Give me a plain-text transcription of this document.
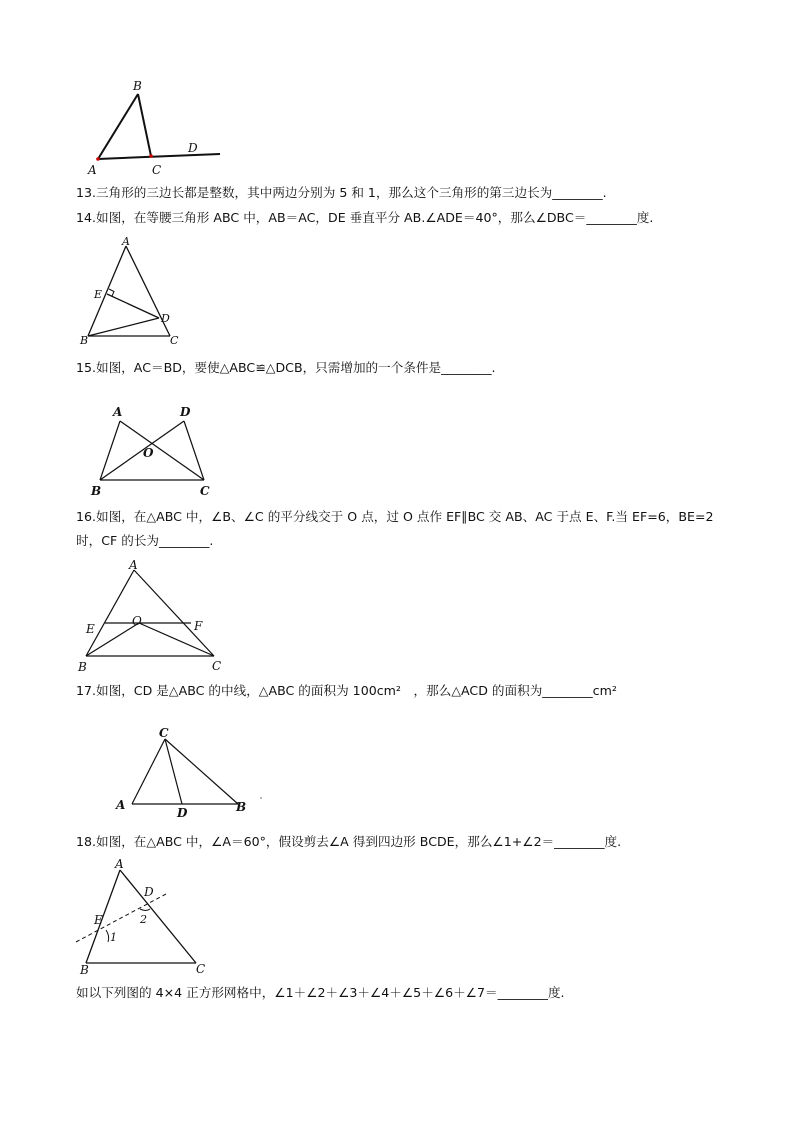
B
A	C
D
13.三角形的三边长都是整数，其中两边分别为 5 和 1，那么这个三角形的第三边长为________.
14.如图，在等腰三角形 ABC 中，AB＝AC，DE 垂直平分 AB.∠ADE＝40°，那么∠DBC＝________度.
A
E
D
B	C
15.如图，AC＝BD，要使△ABC≌△DCB，只需增加的一个条件是________.
A	D
O
B	C
16.如图，在△ABC 中，∠B、∠C 的平分线交于 O 点，过 O 点作 EF∥BC 交 AB、AC 于点 E、F.当 EF=6，BE=2 时，CF 的长为________.
A
E
O	F
B	C
17.如图，CD 是△ABC 的中线，△ABC 的面积为 100cm²　，那么△ACD 的面积为________cm²
C
A
D	B
18.如图，在△ABC 中，∠A＝60°，假设剪去∠A 得到四边形 BCDE，那么∠1+∠2＝________度.
A
D
2
E
1
B	C
如以下列图的 4×4 正方形网格中，∠1＋∠2＋∠3＋∠4＋∠5＋∠6＋∠7＝________度.
